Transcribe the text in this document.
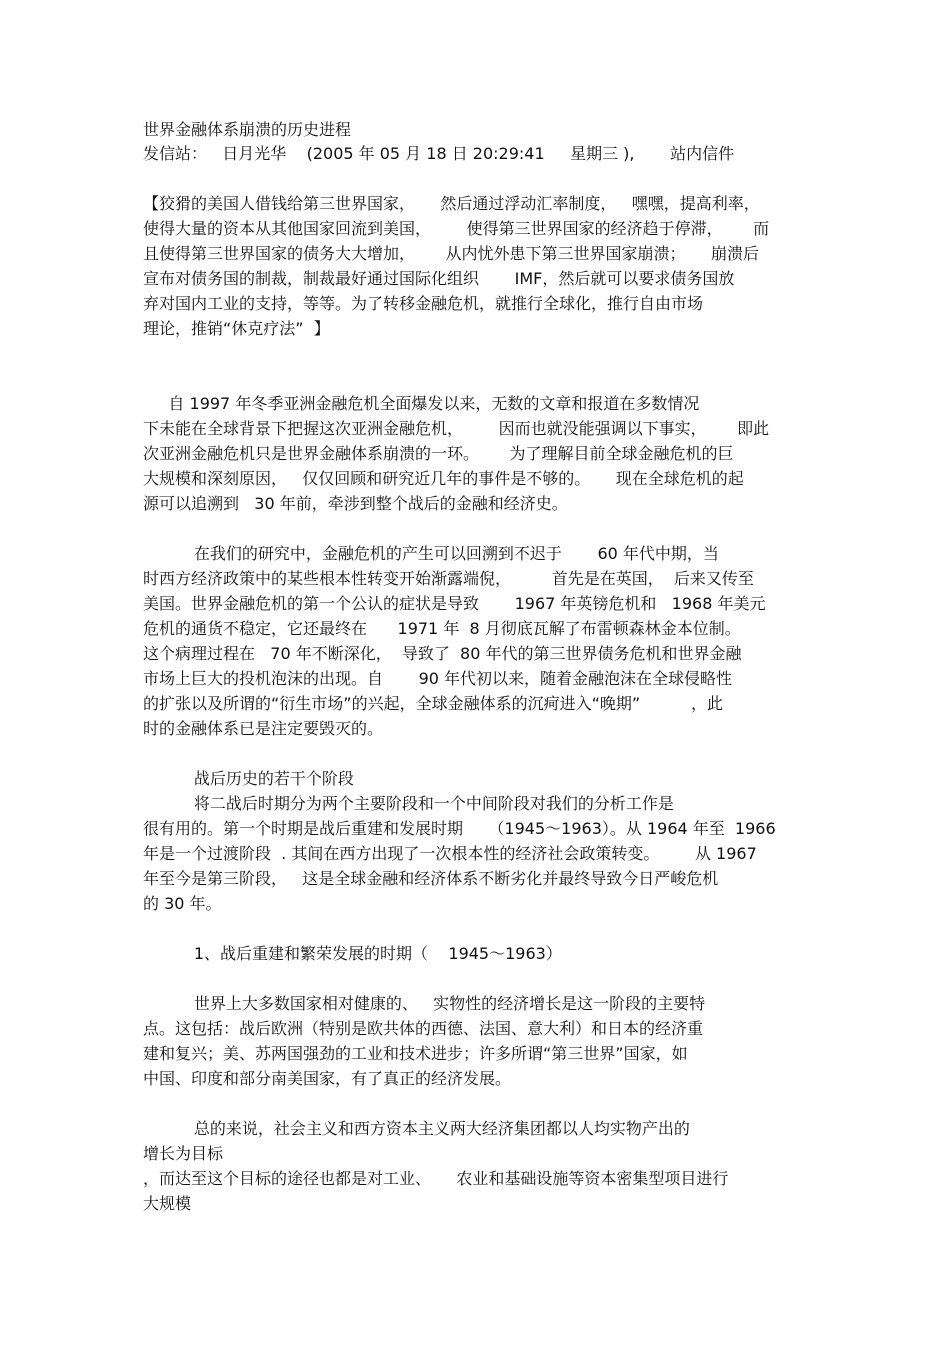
世界金融体系崩溃的历史进程
发信站：   日月光华    (2005 年 05 月 18 日 20:29:41     星期三 ),       站内信件
【狡猾的美国人借钱给第三世界国家，     然后通过浮动汇率制度，   嘿嘿，提高利率，
使得大量的资本从其他国家回流到美国，       使得第三世界国家的经济趋于停滞，      而
且使得第三世界国家的债务大大增加，      从内忧外患下第三世界国家崩溃；     崩溃后
宣布对债务国的制裁，制裁最好通过国际化组织       IMF，然后就可以要求债务国放
弃对国内工业的支持，等等。为了转移金融危机，就推行全球化，推行自由市场
理论，推销“休克疗法”  】
自 1997 年冬季亚洲金融危机全面爆发以来，无数的文章和报道在多数情况
下未能在全球背景下把握这次亚洲金融危机，       因而也就没能强调以下事实，      即此
次亚洲金融危机只是世界金融体系崩溃的一环。      为了理解目前全球金融危机的巨
大规模和深刻原因，   仅仅回顾和研究近几年的事件是不够的。     现在全球危机的起
源可以追溯到   30 年前，牵涉到整个战后的金融和经济史。
在我们的研究中，金融危机的产生可以回溯到不迟于       60 年代中期，当
时西方经济政策中的某些根本性转变开始渐露端倪，        首先是在英国，  后来又传至
美国。世界金融危机的第一个公认的症状是导致       1967 年英镑危机和   1968 年美元
危机的通货不稳定，它还最终在      1971 年  8 月彻底瓦解了布雷顿森林金本位制。
这个病理过程在   70 年不断深化，  导致了  80 年代的第三世界债务危机和世界金融
市场上巨大的投机泡沫的出现。自       90 年代初以来，随着金融泡沫在全球侵略性
的扩张以及所谓的“衍生市场”的兴起，全球金融体系的沉疴进入“晚期”          ，此
时的金融体系已是注定要毁灭的。
战后历史的若干个阶段
将二战后时期分为两个主要阶段和一个中间阶段对我们的分析工作是
很有用的。第一个时期是战后重建和发展时期     （1945～1963）。从 1964 年至  1966
年是一个过渡阶段  . 其间在西方出现了一次根本性的经济社会政策转变。       从 1967
年至今是第三阶段，   这是全球金融和经济体系不断劣化并最终导致今日严峻危机
的 30 年。
1、战后重建和繁荣发展的时期（    1945～1963）
世界上大多数国家相对健康的、   实物性的经济增长是这一阶段的主要特
点。这包括：战后欧洲（特别是欧共体的西德、法国、意大利）和日本的经济重
建和复兴；美、苏两国强劲的工业和技术进步；许多所谓“第三世界”国家，如
中国、印度和部分南美国家，有了真正的经济发展。
总的来说，社会主义和西方资本主义两大经济集团都以人均实物产出的
增长为目标
，而达至这个目标的途径也都是对工业、     农业和基础设施等资本密集型项目进行
大规模
